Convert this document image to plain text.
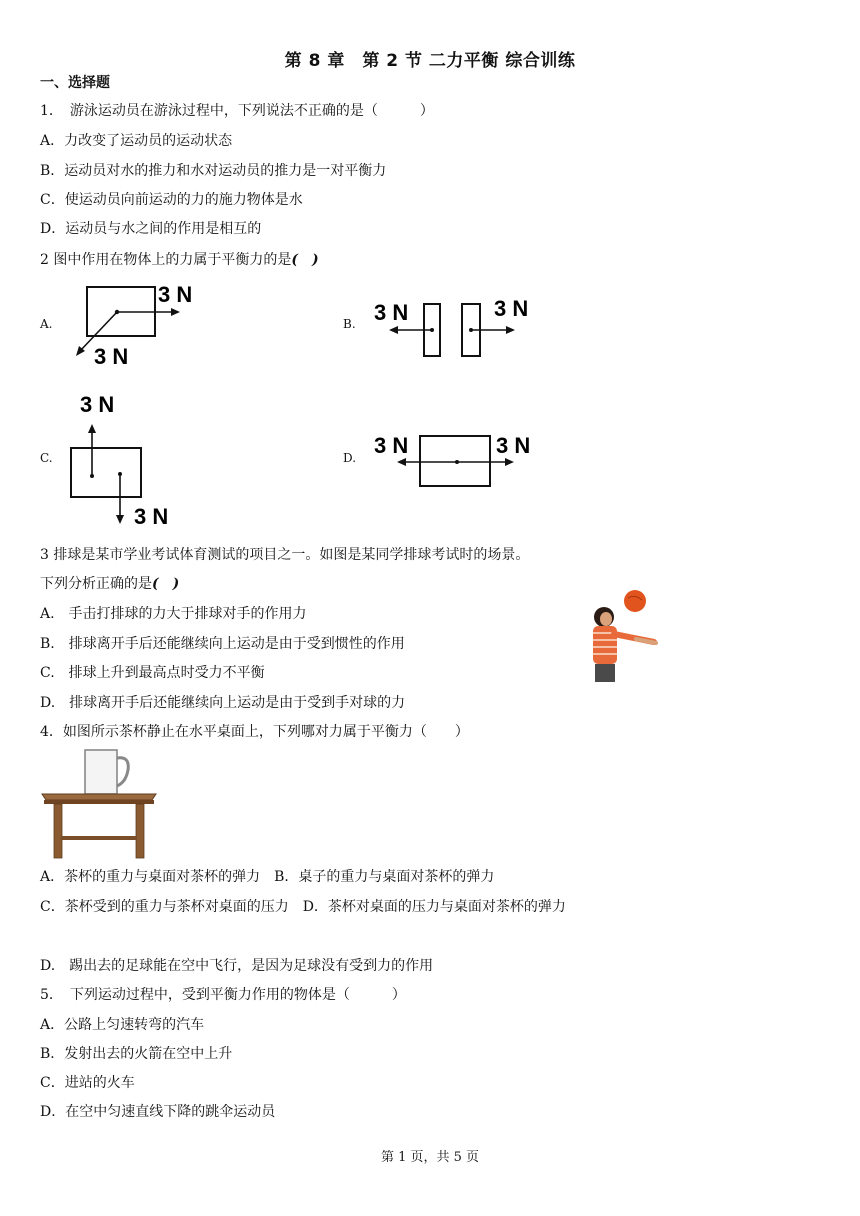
第 8 章　第 2 节 二力平衡 综合训练
一、选择题
1．　游泳运动员在游泳过程中，下列说法不正确的是（　　　）
A．力改变了运动员的运动状态
B．运动员对水的推力和水对运动员的推力是一对平衡力
C．使运动员向前运动的力的施力物体是水
D．运动员与水之间的作用是相互的
2 图中作用在物体上的力属于平衡力的是(　)
A.
3 N
3 N
B. 3 N	3 N
C.
3 N
3 N
D. 3 N	3 N
3 排球是某市学业考试体育测试的项目之一。如图是某同学排球考试时的场景。
下列分析正确的是(　)
A.　手击打排球的力大于排球对手的作用力
B.　排球离开手后还能继续向上运动是由于受到惯性的作用
C.　排球上升到最高点时受力不平衡
D.　排球离开手后还能继续向上运动是由于受到手对球的力
4．如图所示茶杯静止在水平桌面上，下列哪对力属于平衡力（　　）
A．茶杯的重力与桌面对茶杯的弹力　B．桌子的重力与桌面对茶杯的弹力
C．茶杯受到的重力与茶杯对桌面的压力　D．茶杯对桌面的压力与桌面对茶杯的弹力
D.　踢出去的足球能在空中飞行，是因为足球没有受到力的作用
5．　下列运动过程中，受到平衡力作用的物体是（　　　）
A．公路上匀速转弯的汽车
B．发射出去的火箭在空中上升
C．进站的火车
D．在空中匀速直线下降的跳伞运动员
第 1 页，共 5 页
